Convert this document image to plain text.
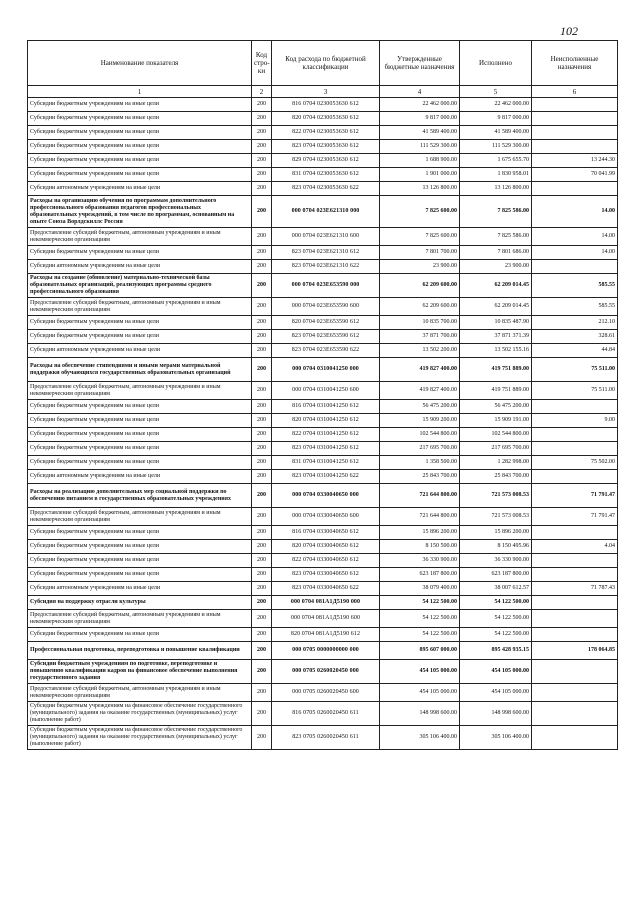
102
Наименование показателя	Код стро-ки	Код расхода по бюджетной классификации	Утвержденные бюджетные назначения	Исполнено	Неисполненные назначения
1	2	3	4	5	6
Субсидии бюджетным учреждениям на иные цели	200	816 0704 0230053630 612	22 462 000.00	22 462 000.00	
Субсидии бюджетным учреждениям на иные цели	200	820 0704 0230053630 612	9 817 000.00	9 817 000.00	
Субсидии бюджетным учреждениям на иные цели	200	822 0704 0230053630 612	41 589 400.00	41 589 400.00	
Субсидии бюджетным учреждениям на иные цели	200	823 0704 0230053630 612	111 529 300.00	111 529 300.00	
Субсидии бюджетным учреждениям на иные цели	200	829 0704 0230053630 612	1 688 900.00	1 675 655.70	13 244.30
Субсидии бюджетным учреждениям на иные цели	200	831 0704 0230053630 612	1 901 000.00	1 830 958.01	70 041.99
Субсидии автономным учреждениям на иные цели	200	823 0704 0230053630 622	13 126 800.00	13 126 800.00	
Расходы на организацию обучения по программам дополнительного профессионального образования педагогов профессиональных образовательных учреждений, в том числе по программам, основанным на опыте Союза Ворлдскиллс Россия	200	000 0704 023E621310 000	7 825 600.00	7 825 586.00	14.00
Предоставление субсидий бюджетным, автономным учреждениям и иным некоммерческим организациям	200	000 0704 023E621310 600	7 825 600.00	7 825 586.00	14.00
Субсидии бюджетным учреждениям на иные цели	200	823 0704 023E621310 612	7 801 700.00	7 801 686.00	14.00
Субсидии автономным учреждениям на иные цели	200	823 0704 023E621310 622	23 900.00	23 900.00	
Расходы на создание (обновление) материально-технической базы образовательных организаций, реализующих программы среднего профессионального образования	200	000 0704 023E653590 000	62 209 600.00	62 209 014.45	585.55
Предоставление субсидий бюджетным, автономным учреждениям и иным некоммерческим организациям	200	000 0704 023E653590 600	62 209 600.00	62 209 014.45	585.55
Субсидии бюджетным учреждениям на иные цели	200	820 0704 023E653590 612	10 835 700.00	10 835 487.90	212.10
Субсидии бюджетным учреждениям на иные цели	200	823 0704 023E653590 612	37 871 700.00	37 871 371.39	328.61
Субсидии автономным учреждениям на иные цели	200	823 0704 023E653590 622	13 502 200.00	13 502 155.16	44.84
Расходы на обеспечение стипендиями и иными мерами материальной поддержки обучающихся государственных образовательных организаций	200	000 0704 0310041250 000	419 827 400.00	419 751 889.00	75 511.00
Предоставление субсидий бюджетным, автономным учреждениям и иным некоммерческим организациям	200	000 0704 0310041250 600	419 827 400.00	419 751 889.00	75 511.00
Субсидии бюджетным учреждениям на иные цели	200	816 0704 0310041250 612	56 475 200.00	56 475 200.00	
Субсидии бюджетным учреждениям на иные цели	200	820 0704 0310041250 612	15 909 200.00	15 909 191.00	9.00
Субсидии бюджетным учреждениям на иные цели	200	822 0704 0310041250 612	102 544 800.00	102 544 800.00	
Субсидии бюджетным учреждениям на иные цели	200	823 0704 0310041250 612	217 695 700.00	217 695 700.00	
Субсидии бюджетным учреждениям на иные цели	200	831 0704 0310041250 612	1 358 500.00	1 282 998.00	75 502.00
Субсидии автономным учреждениям на иные цели	200	823 0704 0310041250 622	25 843 700.00	25 843 700.00	
Расходы на реализацию дополнительных мер социальной поддержки по обеспечению питанием в государственных образовательных учреждениях	200	000 0704 0330040650 000	721 644 800.00	721 573 008.53	71 791.47
Предоставление субсидий бюджетным, автономным учреждениям и иным некоммерческим организациям	200	000 0704 0330040650 600	721 644 800.00	721 573 008.53	71 791.47
Субсидии бюджетным учреждениям на иные цели	200	816 0704 0330040650 612	15 896 200.00	15 896 200.00	
Субсидии бюджетным учреждениям на иные цели	200	820 0704 0330040650 612	8 150 500.00	8 150 495.96	4.04
Субсидии бюджетным учреждениям на иные цели	200	822 0704 0330040650 612	36 330 900.00	36 330 900.00	
Субсидии бюджетным учреждениям на иные цели	200	823 0704 0330040650 612	623 187 800.00	623 187 800.00	
Субсидии автономным учреждениям на иные цели	200	823 0704 0330040650 622	38 079 400.00	38 007 612.57	71 787.43
Субсидия на поддержку отрасли культуры	200	000 0704 081А1Д5190 000	54 122 500.00	54 122 500.00	
Предоставление субсидий бюджетным, автономным учреждениям и иным некоммерческим организациям	200	000 0704 081А1Д5190 600	54 122 500.00	54 122 500.00	
Субсидии бюджетным учреждениям на иные цели	200	820 0704 081А1Д5190 612	54 122 500.00	54 122 500.00	
Профессиональная подготовка, переподготовка и повышение квалификации	200	000 0705 0000000000 000	895 607 000.00	895 428 935.15	178 064.85
Субсидии бюджетным учреждениям по подготовке, переподготовке и повышению квалификации кадров на финансовое обеспечение выполнения государственного задания	200	000 0705 0260020450 000	454 105 000.00	454 105 000.00	
Предоставление субсидий бюджетным, автономным учреждениям и иным некоммерческим организациям	200	000 0705 0260020450 600	454 105 000.00	454 105 000.00	
Субсидии бюджетным учреждениям на финансовое обеспечение государственного (муниципального) задания на оказание государственных (муниципальных) услуг (выполнение работ)	200	816 0705 0260020450 611	148 998 600.00	148 998 600.00	
Субсидии бюджетным учреждениям на финансовое обеспечение государственного (муниципального) задания на оказание государственных (муниципальных) услуг (выполнение работ)	200	823 0705 0260020450 611	305 106 400.00	305 106 400.00	
